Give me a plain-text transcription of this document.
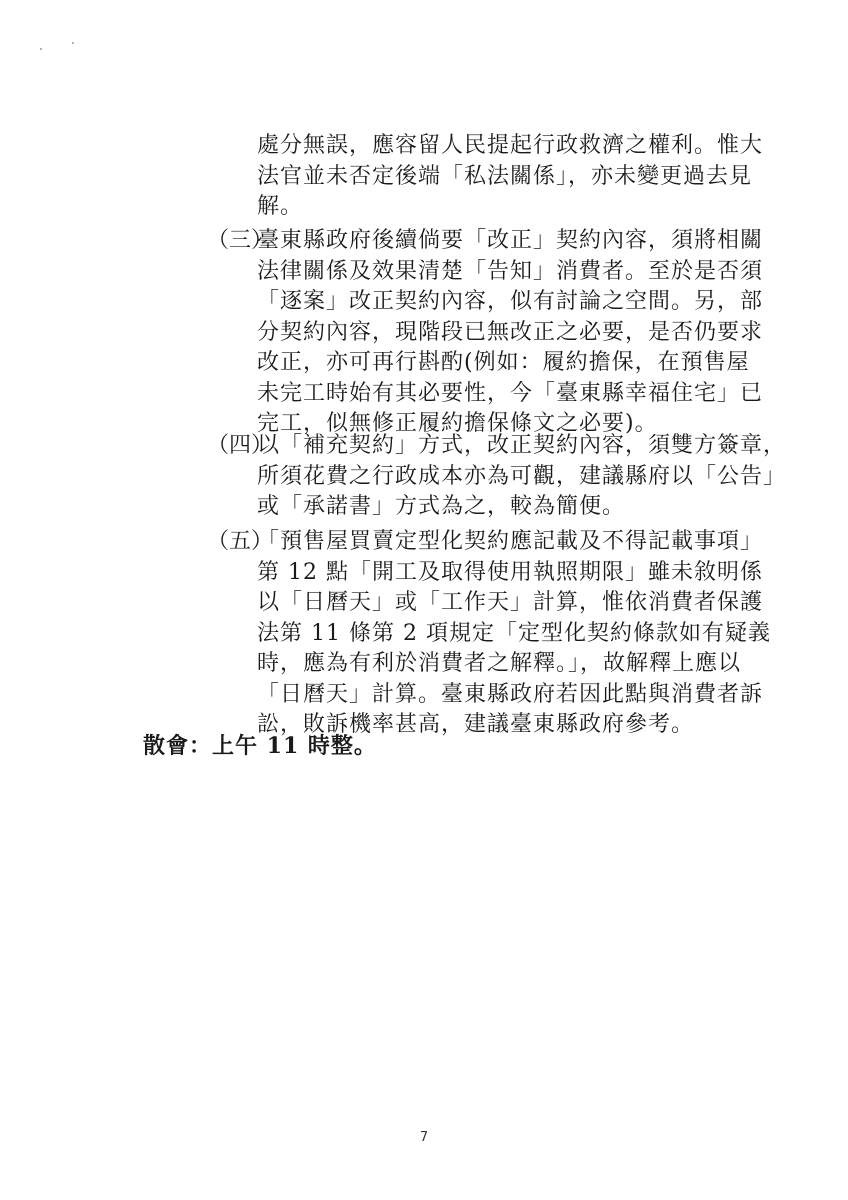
處分無誤，應容留人民提起行政救濟之權利。惟大

法官並未否定後端「私法關係」，亦未變更過去見

解。

（三）

臺東縣政府後續倘要「改正」契約內容，須將相關

法律關係及效果清楚「告知」消費者。至於是否須

「逐案」改正契約內容，似有討論之空間。另，部

分契約內容，現階段已無改正之必要，是否仍要求

改正，亦可再行斟酌(例如：履約擔保，在預售屋

未完工時始有其必要性，今「臺東縣幸福住宅」已

完工，似無修正履約擔保條文之必要)。

（四）

以「補充契約」方式，改正契約內容，須雙方簽章，

所須花費之行政成本亦為可觀，建議縣府以「公告」

或「承諾書」方式為之，較為簡便。

（五）

「預售屋買賣定型化契約應記載及不得記載事項」

第 12 點「開工及取得使用執照期限」雖未敘明係

以「日曆天」或「工作天」計算，惟依消費者保護

法第 11 條第 2 項規定「定型化契約條款如有疑義

時，應為有利於消費者之解釋。」，故解釋上應以

「日曆天」計算。臺東縣政府若因此點與消費者訴

訟，敗訴機率甚高，建議臺東縣政府參考。

散會：上午 11 時整。
7
